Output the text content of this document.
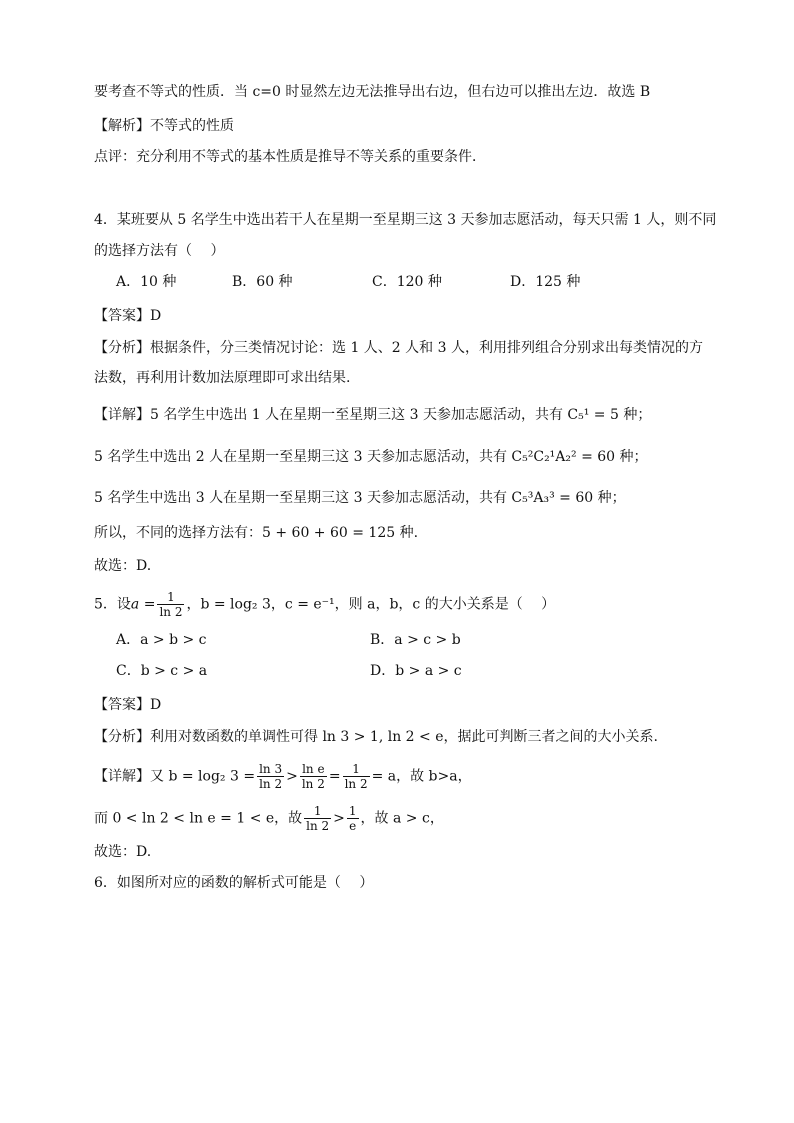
要考查不等式的性质．当 c=0 时显然左边无法推导出右边，但右边可以推出左边．故选 B
【解析】不等式的性质
点评：充分利用不等式的基本性质是推导不等关系的重要条件．
4．某班要从 5 名学生中选出若干人在星期一至星期三这 3 天参加志愿活动，每天只需 1 人，则不同
的选择方法有（　 ）
A．10 种	B．60 种	C．120 种	D．125 种
【答案】D
【分析】根据条件，分三类情况讨论：选 1 人、2 人和 3 人，利用排列组合分别求出每类情况的方
法数，再利用计数加法原理即可求出结果.
【详解】5 名学生中选出 1 人在星期一至星期三这 3 天参加志愿活动，共有 C₅¹ = 5 种；
5 名学生中选出 2 人在星期一至星期三这 3 天参加志愿活动，共有 C₅²C₂¹A₂² = 60 种；
5 名学生中选出 3 人在星期一至星期三这 3 天参加志愿活动，共有 C₅³A₃³ = 60 种；
所以，不同的选择方法有：5 + 60 + 60 = 125 种.
故选：D.
5．设$a = \frac{1}{\ln 2}$ ，b = log₂ 3，c = e⁻¹，则 a，b，c 的大小关系是（　 ）
A．a > b > c	B．a > c > b
C．b > c > a	D．b > a > c
【答案】D
【分析】利用对数函数的单调性可得 ln 3 > 1, ln 2 < e，据此可判断三者之间的大小关系.
【详解】又 b = log₂ $3 = \frac{\ln 3}{\ln 2} > \frac{\text{ln e}}{\ln 2} = \frac{1}{\ln 2} = a$，故 b>a，
而 0 < ln 2 < ln e = 1 < e，故 $\frac{1}{\ln 2} > \frac{1}{e}$ ，故 a > c，
故选：D.
6．如图所对应的函数的解析式可能是（　 ）
